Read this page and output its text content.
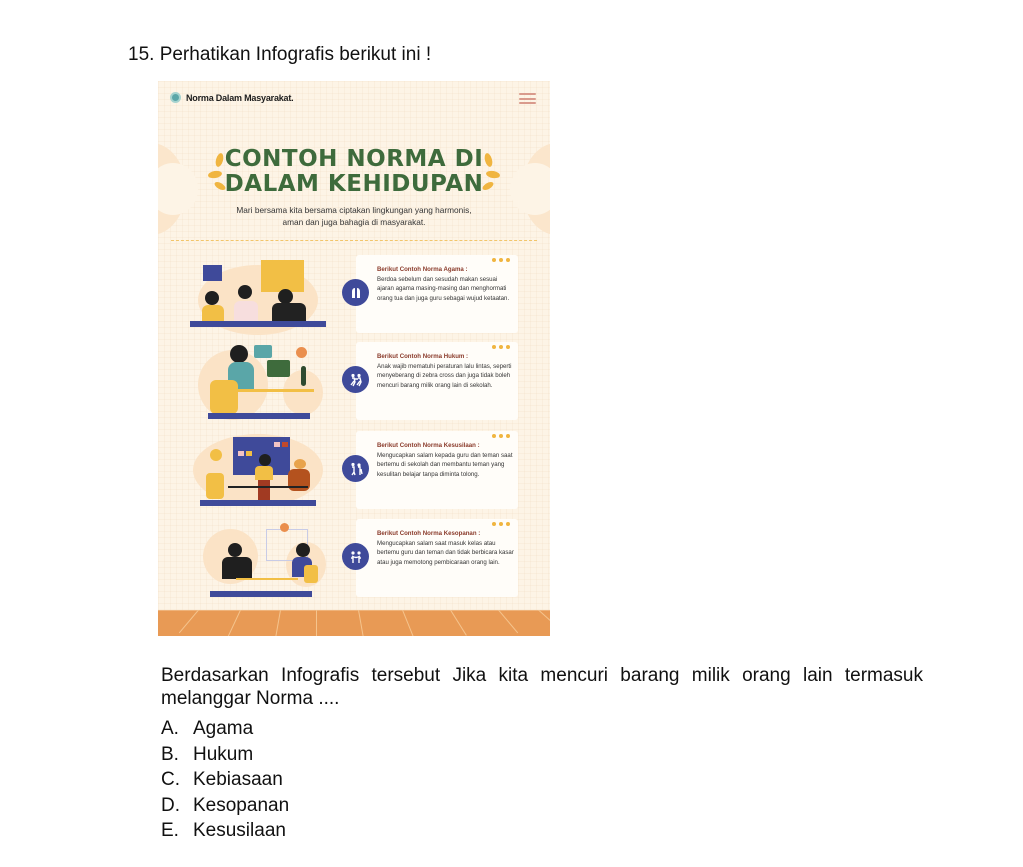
15. Perhatikan Infografis berikut ini !
Norma Dalam Masyarakat.
CONTOH NORMA DI
DALAM KEHIDUPAN
Mari bersama kita bersama ciptakan lingkungan yang harmonis,
aman dan juga bahagia di masyarakat.
Berikut Contoh Norma Agama :
Berdoa sebelum dan sesudah makan sesuai ajaran agama masing-masing dan menghormati orang tua dan juga guru sebagai wujud ketaatan.
Berikut Contoh Norma Hukum :
Anak wajib mematuhi peraturan lalu lintas, seperti menyeberang di zebra cross dan juga tidak boleh mencuri barang milik orang lain di sekolah.
Berikut Contoh Norma Kesusilaan :
Mengucapkan salam kepada guru dan teman saat bertemu di sekolah dan membantu teman yang kesulitan belajar tanpa diminta tolong.
Berikut Contoh Norma Kesopanan :
Mengucapkan salam saat masuk kelas atau bertemu guru dan teman dan tidak berbicara kasar atau juga memotong pembicaraan orang lain.
Berdasarkan Infografis tersebut Jika kita mencuri barang milik orang lain termasuk melanggar Norma ....
A. Agama
B. Hukum
C. Kebiasaan
D. Kesopanan
E. Kesusilaan
